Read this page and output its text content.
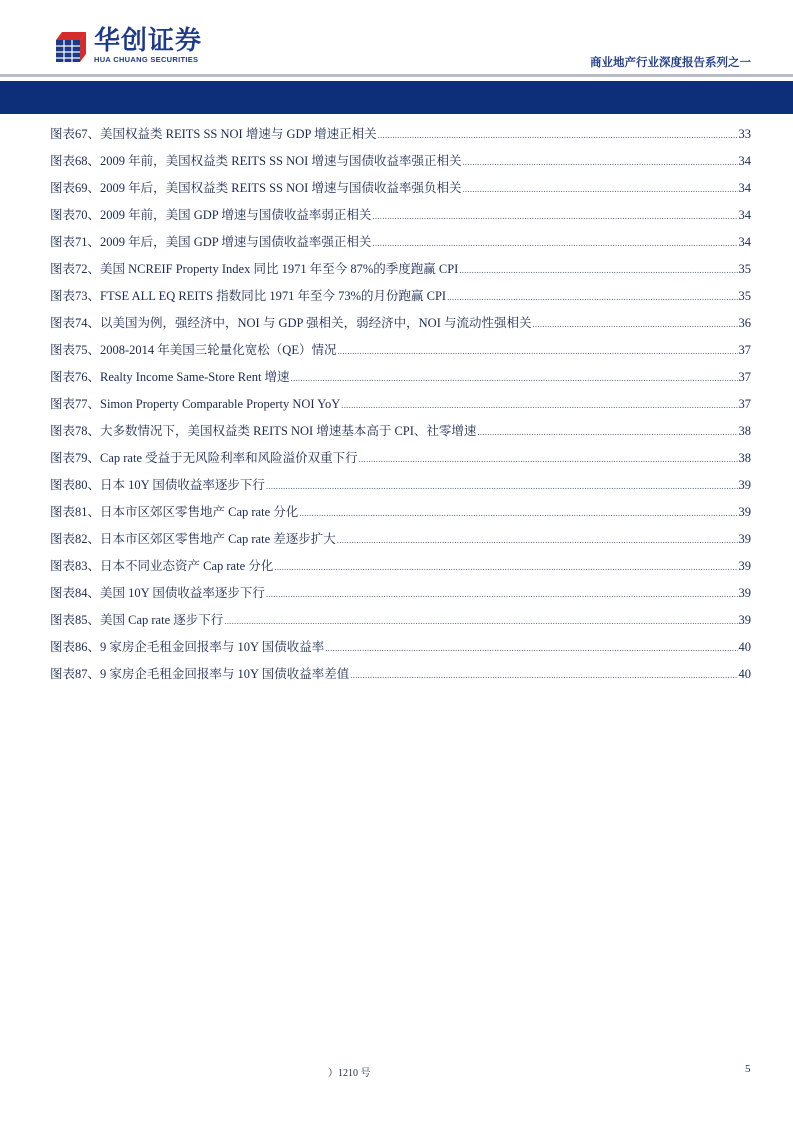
华创证券
HUA CHUANG SECURITIES	商业地产行业深度报告系列之一
图表67、美国权益类 REITS SS NOI 增速与 GDP 增速正相关 .....	33
图表68、2009 年前，美国权益类 REITS SS NOI 增速与国债收益率强正相关 .....	34
图表69、2009 年后，美国权益类 REITS SS NOI 增速与国债收益率强负相关 .....	34
图表70、2009 年前，美国 GDP 增速与国债收益率弱正相关 .....	34
图表71、2009 年后，美国 GDP 增速与国债收益率强正相关 .....	34
图表72、美国 NCREIF Property Index 同比 1971 年至今 87%的季度跑赢 CPI .....	35
图表73、FTSE ALL EQ REITS 指数同比 1971 年至今 73%的月份跑赢 CPI .....	35
图表74、以美国为例，强经济中，NOI 与 GDP 强相关，弱经济中，NOI 与流动性强相关 .....	36
图表75、2008-2014 年美国三轮量化宽松（QE）情况 .....	37
图表76、Realty Income Same-Store Rent 增速 .....	37
图表77、Simon Property Comparable Property NOI YoY .....	37
图表78、大多数情况下，美国权益类 REITS NOI 增速基本高于 CPI、社零增速 .....	38
图表79、Cap rate 受益于无风险利率和风险溢价双重下行 .....	38
图表80、日本 10Y 国债收益率逐步下行 .....	39
图表81、日本市区郊区零售地产 Cap rate 分化 .....	39
图表82、日本市区郊区零售地产 Cap rate 差逐步扩大 .....	39
图表83、日本不同业态资产 Cap rate 分化 .....	39
图表84、美国 10Y 国债收益率逐步下行 .....	39
图表85、美国 Cap rate 逐步下行 .....	39
图表86、9 家房企毛租金回报率与 10Y 国债收益率 .....	40
图表87、9 家房企毛租金回报率与 10Y 国债收益率差值 .....	40
）1210 号	5
